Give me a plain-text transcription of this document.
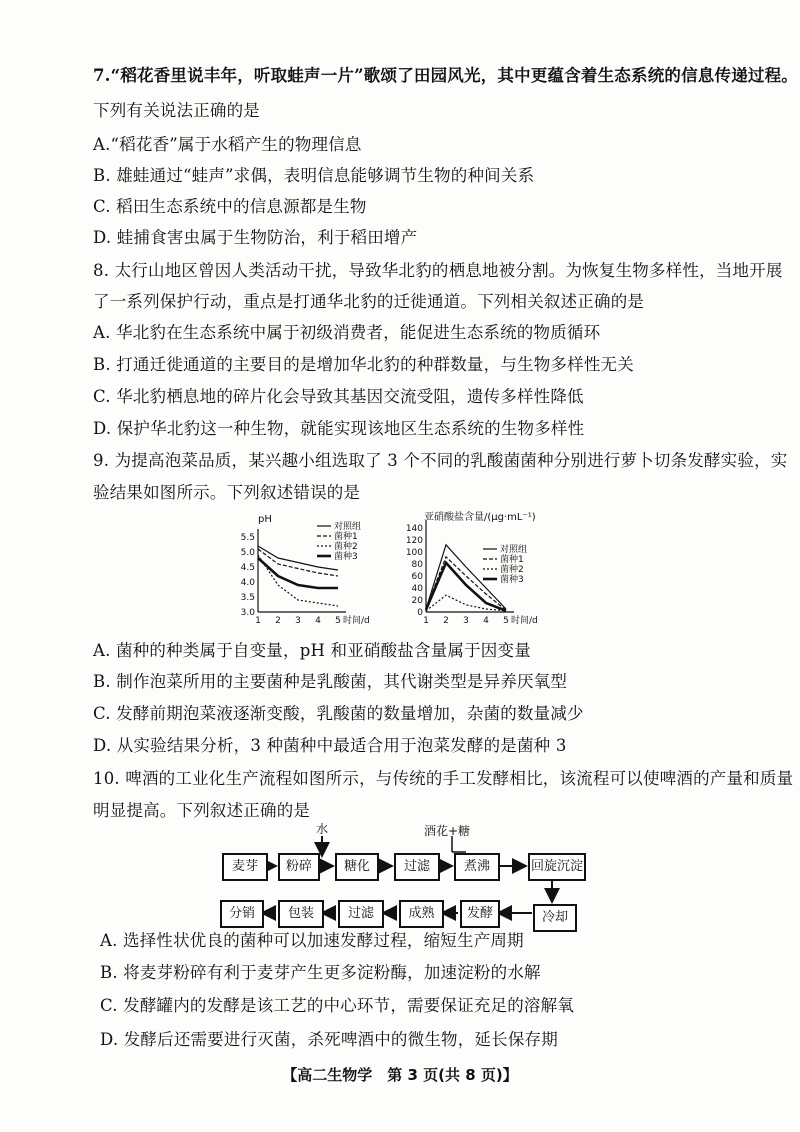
7.“稻花香里说丰年，听取蛙声一片”歌颂了田园风光，其中更蕴含着生态系统的信息传递过程。
下列有关说法正确的是
A.“稻花香”属于水稻产生的物理信息
B. 雄蛙通过“蛙声”求偶，表明信息能够调节生物的种间关系
C. 稻田生态系统中的信息源都是生物
D. 蛙捕食害虫属于生物防治，利于稻田增产
8. 太行山地区曾因人类活动干扰，导致华北豹的栖息地被分割。为恢复生物多样性，当地开展
了一系列保护行动，重点是打通华北豹的迁徙通道。下列相关叙述正确的是
A. 华北豹在生态系统中属于初级消费者，能促进生态系统的物质循环
B. 打通迁徙通道的主要目的是增加华北豹的种群数量，与生物多样性无关
C. 华北豹栖息地的碎片化会导致其基因交流受阻，遗传多样性降低
D. 保护华北豹这一种生物，就能实现该地区生态系统的生物多样性
9. 为提高泡菜品质，某兴趣小组选取了 3 个不同的乳酸菌菌种分别进行萝卜切条发酵实验，实
验结果如图所示。下列叙述错误的是
3.0
3.5
4.0
4.5
5.0
5.5
1 2 3 4 5 时间/d
pH
对照组
菌种1
菌种2
菌种3
0
20
40
60
80
100
120
140
1 2 3 4 5 时间/d
亚硝酸盐含量/(μg·mL⁻¹)
对照组
菌种1
菌种2
菌种3
A. 菌种的种类属于自变量，pH 和亚硝酸盐含量属于因变量
B. 制作泡菜所用的主要菌种是乳酸菌，其代谢类型是异养厌氧型
C. 发酵前期泡菜液逐渐变酸，乳酸菌的数量增加，杂菌的数量减少
D. 从实验结果分析，3 种菌种中最适合用于泡菜发酵的是菌种 3
10. 啤酒的工业化生产流程如图所示，与传统的手工发酵相比，该流程可以使啤酒的产量和质量
明显提高。下列叙述正确的是
水	酒花+糖
麦芽	粉碎	糖化	过滤	煮沸	回旋沉淀
冷却
分销	包装	过滤	成熟	发酵
A. 选择性状优良的菌种可以加速发酵过程，缩短生产周期
B. 将麦芽粉碎有利于麦芽产生更多淀粉酶，加速淀粉的水解
C. 发酵罐内的发酵是该工艺的中心环节，需要保证充足的溶解氧
D. 发酵后还需要进行灭菌，杀死啤酒中的微生物，延长保存期
【高二生物学　第 3 页(共 8 页)】
